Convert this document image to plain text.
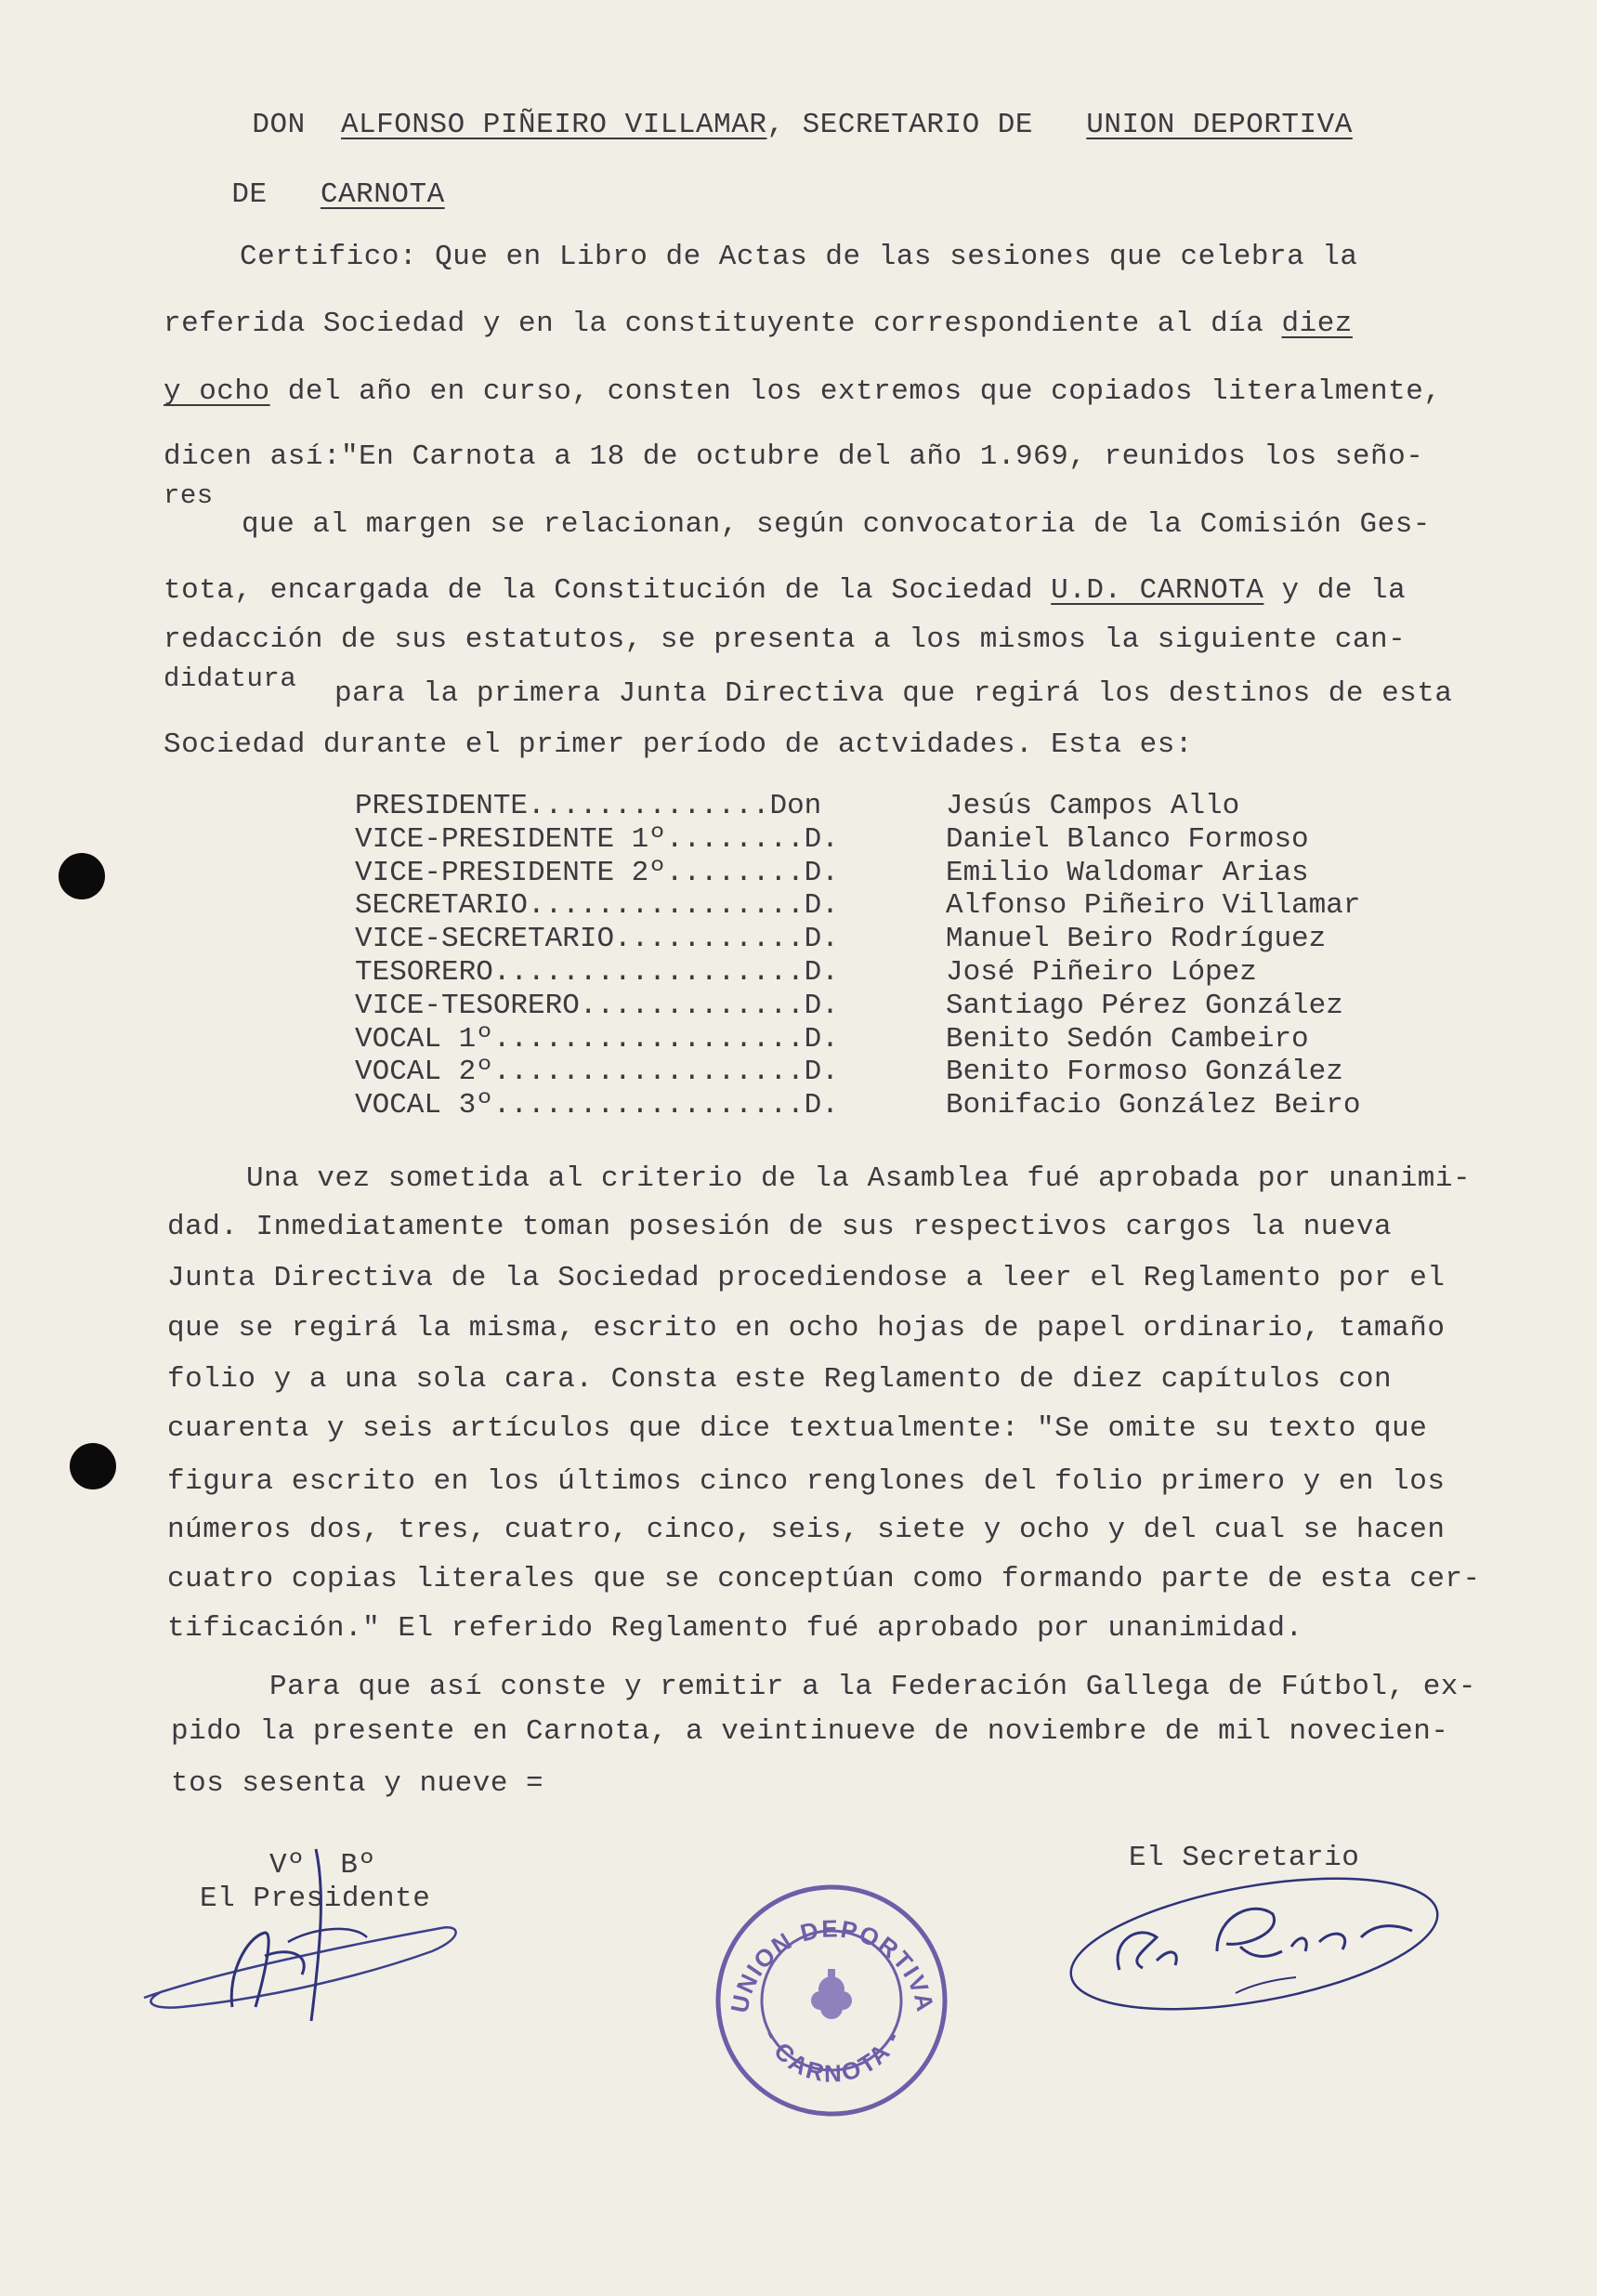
DON ALFONSO PIÑEIRO VILLAMAR, SECRETARIO DE UNION DEPORTIVA

DE CARNOTA

Certifico: Que en Libro de Actas de las sesiones que celebra la
referida Sociedad y en la constituyente correspondiente al día diez
y ocho del año en curso, consten los extremos que copiados literalmente,
dicen así:"En Carnota a 18 de octubre del año 1.969, reunidos los seño-
res
que al margen se relacionan, según convocatoria de la Comisión Ges-
tota, encargada de la Constitución de la Sociedad U.D. CARNOTA y de la
redacción de sus estatutos, se presenta a los mismos la siguiente can-
didatura para la primera Junta Directiva que regirá los destinos de esta
Sociedad durante el primer período de actvidades. Esta es:
PRESIDENTE..............Don	Jesús Campos Allo
VICE-PRESIDENTE 1º........D.	Daniel Blanco Formoso
VICE-PRESIDENTE 2º........D.	Emilio Waldomar Arias
SECRETARIO................D.	Alfonso Piñeiro Villamar
VICE-SECRETARIO...........D.	Manuel Beiro Rodríguez
TESORERO..................D.	José Piñeiro López
VICE-TESORERO.............D.	Santiago Pérez González
VOCAL 1º..................D.	Benito Sedón Cambeiro
VOCAL 2º..................D.	Benito Formoso González
VOCAL 3º..................D.	Bonifacio González Beiro
Una vez sometida al criterio de la Asamblea fué aprobada por unanimi-
dad. Inmediatamente toman posesión de sus respectivos cargos la nueva
Junta Directiva de la Sociedad procediendose a leer el Reglamento por el
que se regirá la misma, escrito en ocho hojas de papel ordinario, tamaño
folio y a una sola cara. Consta este Reglamento de diez capítulos con
cuarenta y seis artículos que dice textualmente: "Se omite su texto que
figura escrito en los últimos cinco renglones del folio primero y en los
números dos, tres, cuatro, cinco, seis, siete y ocho y del cual se hacen
cuatro copias literales que se conceptúan como formando parte de esta cer-
tificación." El referido Reglamento fué aprobado por unanimidad.
Para que así conste y remitir a la Federación Gallega de Fútbol, ex-
pido la presente en Carnota, a veintinueve de noviembre de mil novecien-
tos sesenta y nueve =
Vº  Bº
El Presidente
El Secretario
UNION DEPORTIVA
- CARNOTA -
